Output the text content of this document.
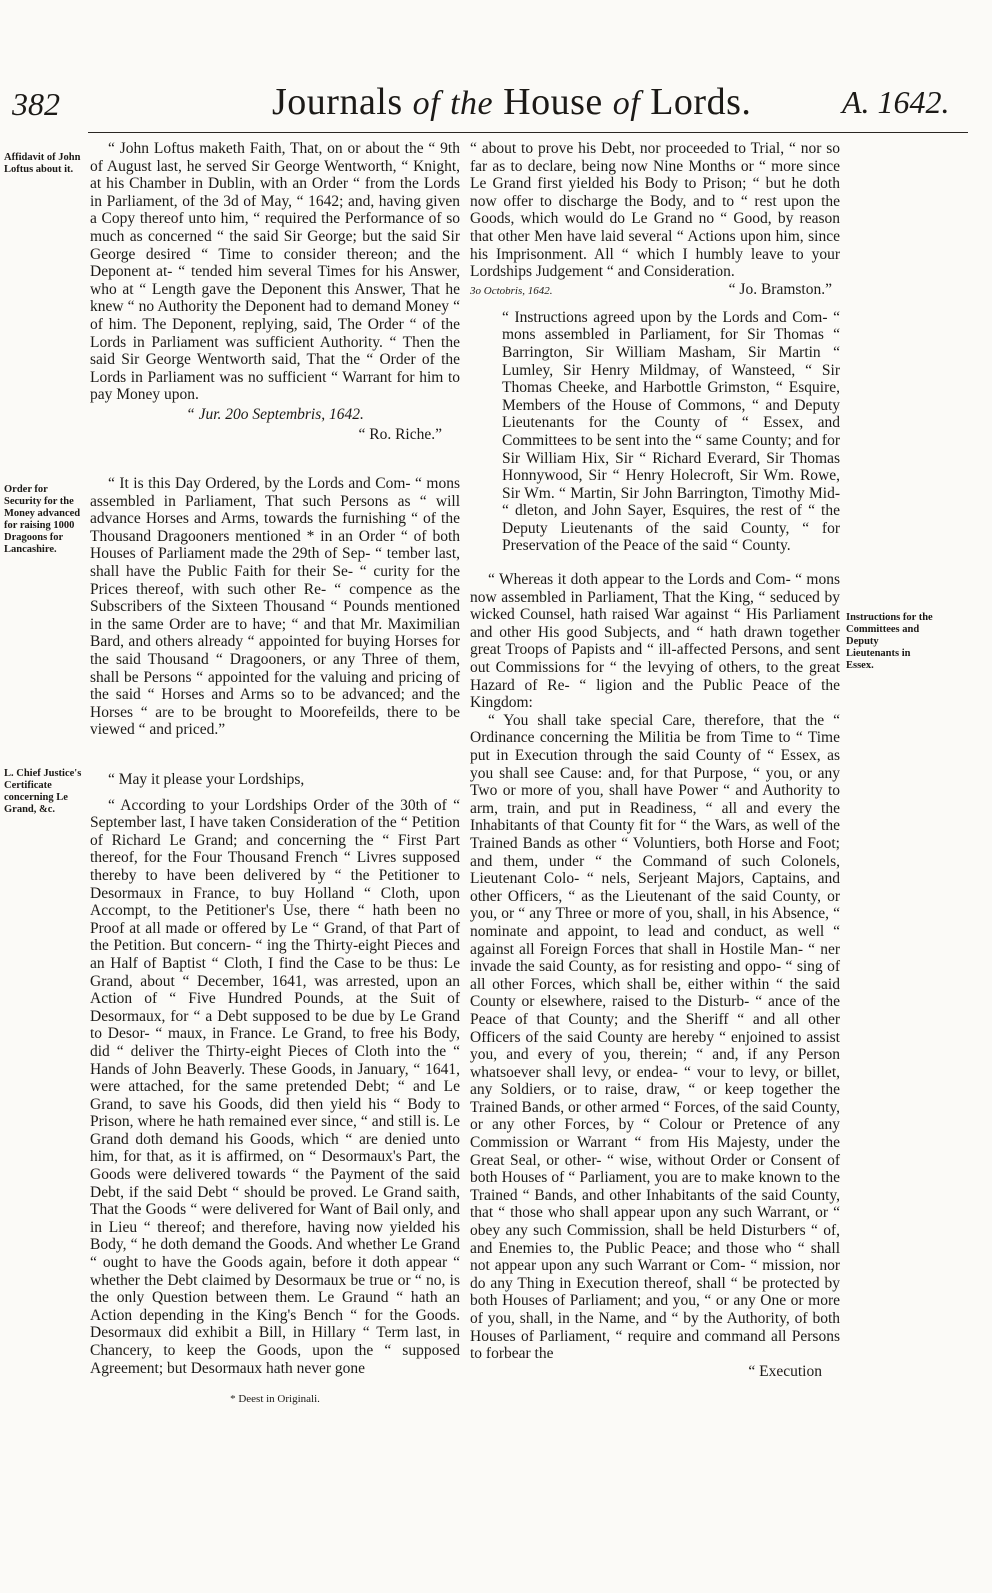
382	Journals of the House of Lords.	A. 1642.
Affidavit of John Loftus about it.
Order for Security for the Money advanced for raising 1000 Dragoons for Lancashire.
L. Chief Justice's Certificate concerning Le Grand, &c.
Instructions for the Committees and Deputy Lieutenants in Essex.

“ John Loftus maketh Faith, That, on or about the “ 9th of August last, he served Sir George Wentworth, “ Knight, at his Chamber in Dublin, with an Order “ from the Lords in Parliament, of the 3d of May, “ 1642; and, having given a Copy thereof unto him, “ required the Performance of so much as concerned “ the said Sir George; but the said Sir George desired “ Time to consider thereon; and the Deponent at- “ tended him several Times for his Answer, who at “ Length gave the Deponent this Answer, That he knew “ no Authority the Deponent had to demand Money “ of him. The Deponent, replying, said, The Order “ of the Lords in Parliament was sufficient Authority. “ Then the said Sir George Wentworth said, That the “ Order of the Lords in Parliament was no sufficient “ Warrant for him to pay Money upon.

“ Jur. 20o Septembris, 1642.

“ Ro. Riche.”

“ It is this Day Ordered, by the Lords and Com- “ mons assembled in Parliament, That such Persons as “ will advance Horses and Arms, towards the furnishing “ of the Thousand Dragooners mentioned * in an Order “ of both Houses of Parliament made the 29th of Sep- “ tember last, shall have the Public Faith for their Se- “ curity for the Prices thereof, with such other Re- “ compence as the Subscribers of the Sixteen Thousand “ Pounds mentioned in the same Order are to have; “ and that Mr. Maximilian Bard, and others already “ appointed for buying Horses for the said Thousand “ Dragooners, or any Three of them, shall be Persons “ appointed for the valuing and pricing of the said “ Horses and Arms so to be advanced; and the Horses “ are to be brought to Moorefeilds, there to be viewed “ and priced.”

“ May it please your Lordships,

“ According to your Lordships Order of the 30th of “ September last, I have taken Consideration of the “ Petition of Richard Le Grand; and concerning the “ First Part thereof, for the Four Thousand French “ Livres supposed thereby to have been delivered by “ the Petitioner to Desormaux in France, to buy Holland “ Cloth, upon Accompt, to the Petitioner's Use, there “ hath been no Proof at all made or offered by Le “ Grand, of that Part of the Petition. But concern- “ ing the Thirty-eight Pieces and an Half of Baptist “ Cloth, I find the Case to be thus: Le Grand, about “ December, 1641, was arrested, upon an Action of “ Five Hundred Pounds, at the Suit of Desormaux, for “ a Debt supposed to be due by Le Grand to Desor- “ maux, in France. Le Grand, to free his Body, did “ deliver the Thirty-eight Pieces of Cloth into the “ Hands of John Beaverly. These Goods, in January, “ 1641, were attached, for the same pretended Debt; “ and Le Grand, to save his Goods, did then yield his “ Body to Prison, where he hath remained ever since, “ and still is. Le Grand doth demand his Goods, which “ are denied unto him, for that, as it is affirmed, on “ Desormaux's Part, the Goods were delivered towards “ the Payment of the said Debt, if the said Debt “ should be proved. Le Grand saith, That the Goods “ were delivered for Want of Bail only, and in Lieu “ thereof; and therefore, having now yielded his Body, “ he doth demand the Goods. And whether Le Grand “ ought to have the Goods again, before it doth appear “ whether the Debt claimed by Desormaux be true or “ no, is the only Question between them. Le Graund “ hath an Action depending in the King's Bench “ for the Goods. Desormaux did exhibit a Bill, in Hillary “ Term last, in Chancery, to keep the Goods, upon the “ supposed Agreement; but Desormaux hath never gone

* Deest in Originali.

“ about to prove his Debt, nor proceeded to Trial, “ nor so far as to declare, being now Nine Months or “ more since Le Grand first yielded his Body to Prison; “ but he doth now offer to discharge the Body, and to “ rest upon the Goods, which would do Le Grand no “ Good, by reason that other Men have laid several “ Actions upon him, since his Imprisonment. All “ which I humbly leave to your Lordships Judgement “ and Consideration.

3o Octobris, 1642.	“ Jo. Bramston.”

“ Instructions agreed upon by the Lords and Com- “ mons assembled in Parliament, for Sir Thomas “ Barrington, Sir William Masham, Sir Martin “ Lumley, Sir Henry Mildmay, of Wansteed, “ Sir Thomas Cheeke, and Harbottle Grimston, “ Esquire, Members of the House of Commons, “ and Deputy Lieutenants for the County of “ Essex, and Committees to be sent into the “ same County; and for Sir William Hix, Sir “ Richard Everard, Sir Thomas Honnywood, Sir “ Henry Holecroft, Sir Wm. Rowe, Sir Wm. “ Martin, Sir John Barrington, Timothy Mid- “ dleton, and John Sayer, Esquires, the rest of “ the Deputy Lieutenants of the said County, “ for Preservation of the Peace of the said “ County.

“ Whereas it doth appear to the Lords and Com- “ mons now assembled in Parliament, That the King, “ seduced by wicked Counsel, hath raised War against “ His Parliament and other His good Subjects, and “ hath drawn together great Troops of Papists and “ ill-affected Persons, and sent out Commissions for “ the levying of others, to the great Hazard of Re- “ ligion and the Public Peace of the Kingdom:

“ You shall take special Care, therefore, that the “ Ordinance concerning the Militia be from Time to “ Time put in Execution through the said County of “ Essex, as you shall see Cause: and, for that Purpose, “ you, or any Two or more of you, shall have Power “ and Authority to arm, train, and put in Readiness, “ all and every the Inhabitants of that County fit for “ the Wars, as well of the Trained Bands as other “ Voluntiers, both Horse and Foot; and them, under “ the Command of such Colonels, Lieutenant Colo- “ nels, Serjeant Majors, Captains, and other Officers, “ as the Lieutenant of the said County, or you, or “ any Three or more of you, shall, in his Absence, “ nominate and appoint, to lead and conduct, as well “ against all Foreign Forces that shall in Hostile Man- “ ner invade the said County, as for resisting and oppo- “ sing of all other Forces, which shall be, either within “ the said County or elsewhere, raised to the Disturb- “ ance of the Peace of that County; and the Sheriff “ and all other Officers of the said County are hereby “ enjoined to assist you, and every of you, therein; “ and, if any Person whatsoever shall levy, or endea- “ vour to levy, or billet, any Soldiers, or to raise, draw, “ or keep together the Trained Bands, or other armed “ Forces, of the said County, or any other Forces, by “ Colour or Pretence of any Commission or Warrant “ from His Majesty, under the Great Seal, or other- “ wise, without Order or Consent of both Houses of “ Parliament, you are to make known to the Trained “ Bands, and other Inhabitants of the said County, that “ those who shall appear upon any such Warrant, or “ obey any such Commission, shall be held Disturbers “ of, and Enemies to, the Public Peace; and those who “ shall not appear upon any such Warrant or Com- “ mission, nor do any Thing in Execution thereof, shall “ be protected by both Houses of Parliament; and you, “ or any One or more of you, shall, in the Name, and “ by the Authority, of both Houses of Parliament, “ require and command all Persons to forbear the

“ Execution
